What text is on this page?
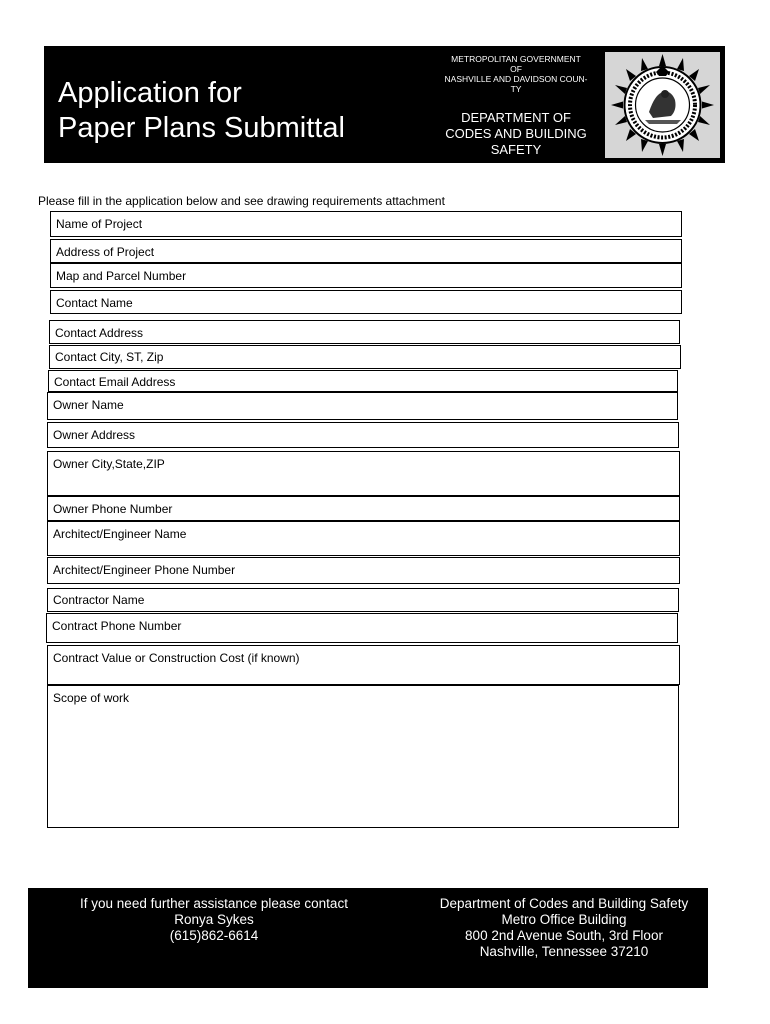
Application for
Paper Plans Submittal
METROPOLITAN GOVERNMENT
OF
NASHVILLE AND DAVIDSON COUN-
TY
DEPARTMENT OF
CODES AND BUILDING
SAFETY
Please fill in the application below and see drawing requirements attachment
Name of Project
Address of Project
Map and Parcel Number
Contact Name
Contact Address
Contact City, ST, Zip
Contact Email Address
Owner Name
Owner Address
Owner City,State,ZIP
Owner Phone Number
Architect/Engineer Name
Architect/Engineer Phone Number
Contractor Name
Contract Phone Number
Contract Value or Construction Cost (if known)
Scope of work
If you need further assistance please contact
Ronya Sykes
(615)862-6614
Department of Codes and Building Safety
Metro Office Building
800 2nd Avenue South, 3rd Floor
Nashville, Tennessee 37210
